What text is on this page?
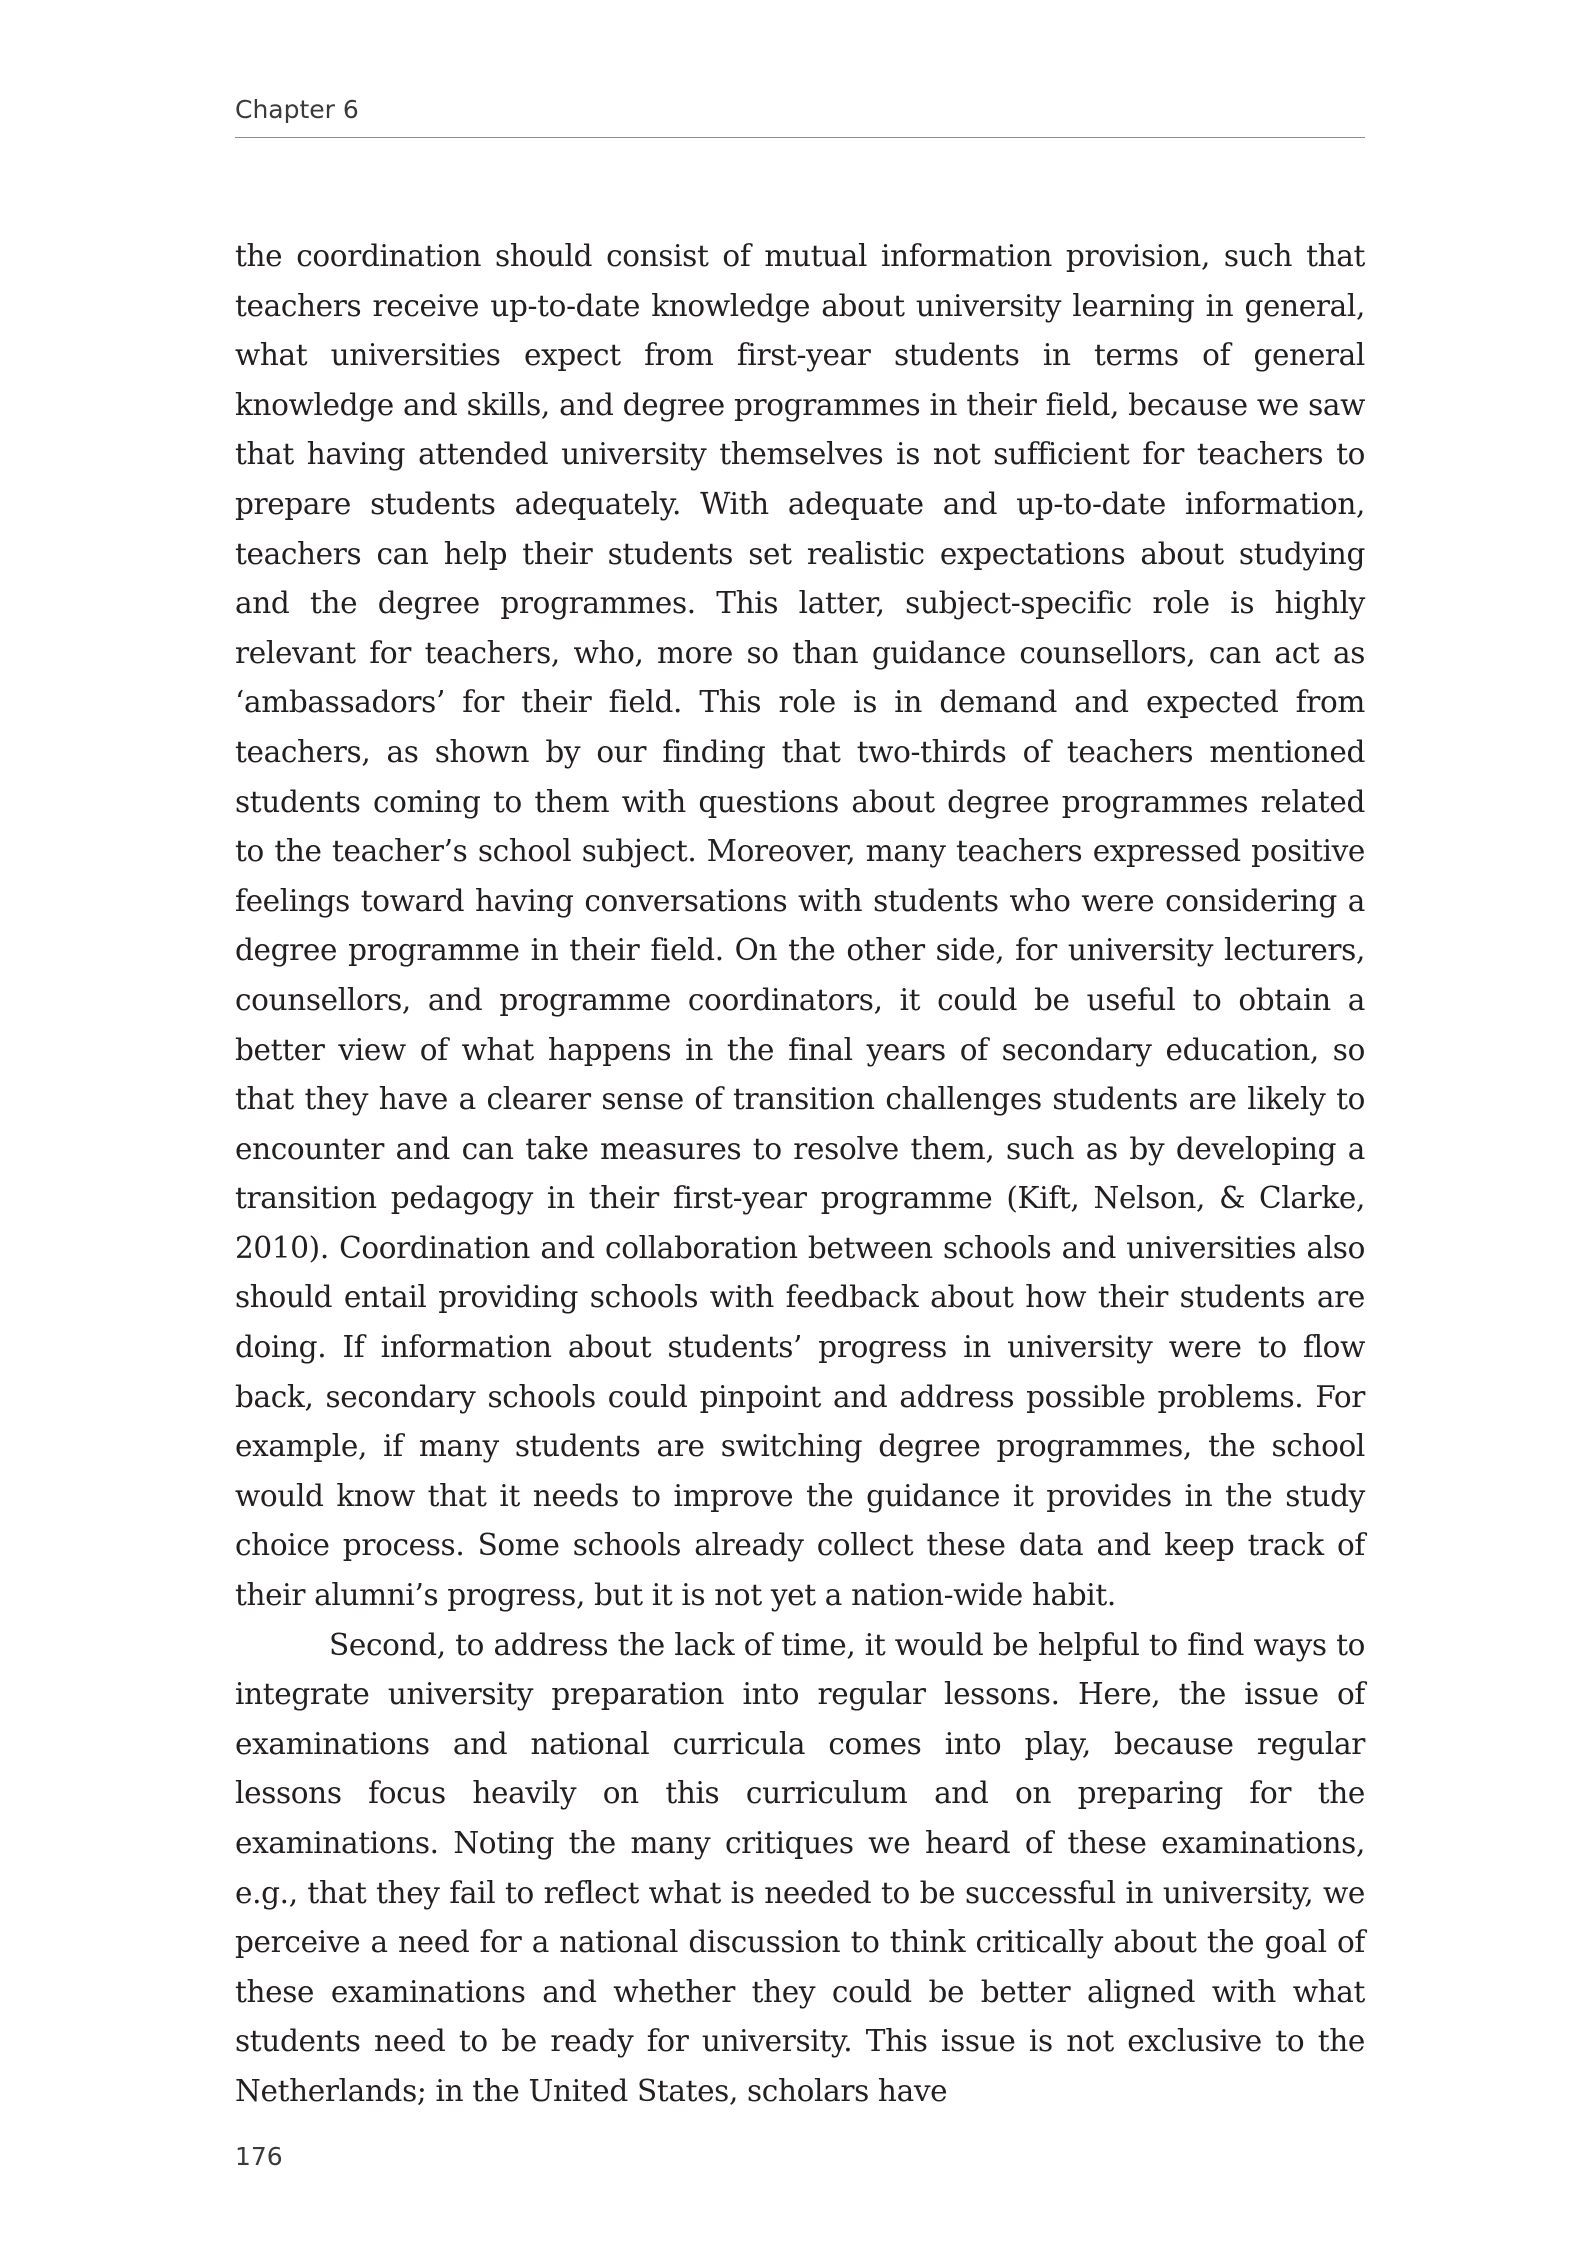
Chapter 6

the coordination should consist of mutual information provision, such that teachers receive up-to-date knowledge about university learning in general, what universities expect from first-year students in terms of general knowledge and skills, and degree programmes in their field, because we saw that having attended university themselves is not sufficient for teachers to prepare students adequately. With adequate and up-to-date information, teachers can help their students set realistic expectations about studying and the degree programmes. This latter, subject-specific role is highly relevant for teachers, who, more so than guidance counsellors, can act as ‘ambassadors’ for their field. This role is in demand and expected from teachers, as shown by our finding that two-thirds of teachers mentioned students coming to them with questions about degree programmes related to the teacher’s school subject. Moreover, many teachers expressed positive feelings toward having conversations with students who were considering a degree programme in their field. On the other side, for university lecturers, counsellors, and programme coordinators, it could be useful to obtain a better view of what happens in the final years of secondary education, so that they have a clearer sense of transition challenges students are likely to encounter and can take measures to resolve them, such as by developing a transition pedagogy in their first-year programme (Kift, Nelson, & Clarke, 2010). Coordination and collaboration between schools and universities also should entail providing schools with feedback about how their students are doing. If information about students’ progress in university were to flow back, secondary schools could pinpoint and address possible problems. For example, if many students are switching degree programmes, the school would know that it needs to improve the guidance it provides in the study choice process. Some schools already collect these data and keep track of their alumni’s progress, but it is not yet a nation-wide habit.

Second, to address the lack of time, it would be helpful to find ways to integrate university preparation into regular lessons. Here, the issue of examinations and national curricula comes into play, because regular lessons focus heavily on this curriculum and on preparing for the examinations. Noting the many critiques we heard of these examinations, e.g., that they fail to reflect what is needed to be successful in university, we perceive a need for a national discussion to think critically about the goal of these examinations and whether they could be better aligned with what students need to be ready for university. This issue is not exclusive to the Netherlands; in the United States, scholars have

176
